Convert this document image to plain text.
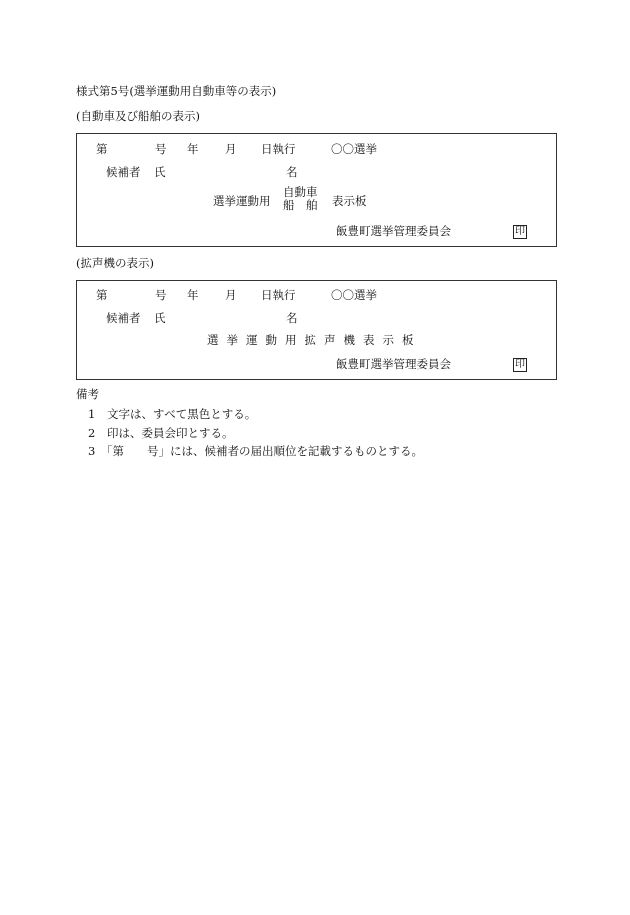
様式第5号(選挙運動用自動車等の表示)
(自動車及び船舶の表示)
第	号 年 月 日執行	〇〇選挙
候補者 氏	名
選挙運動用
自動車
船　舶 表示板
飯豊町選挙管理委員会	印
(拡声機の表示)
第	号 年 月 日執行	〇〇選挙
候補者 氏	名
選挙運動用拡声機表示板
飯豊町選挙管理委員会	印
備考
1 文字は、すべて黒色とする。
2 印は、委員会印とする。
3 「第　　号」には、候補者の届出順位を記載するものとする。
